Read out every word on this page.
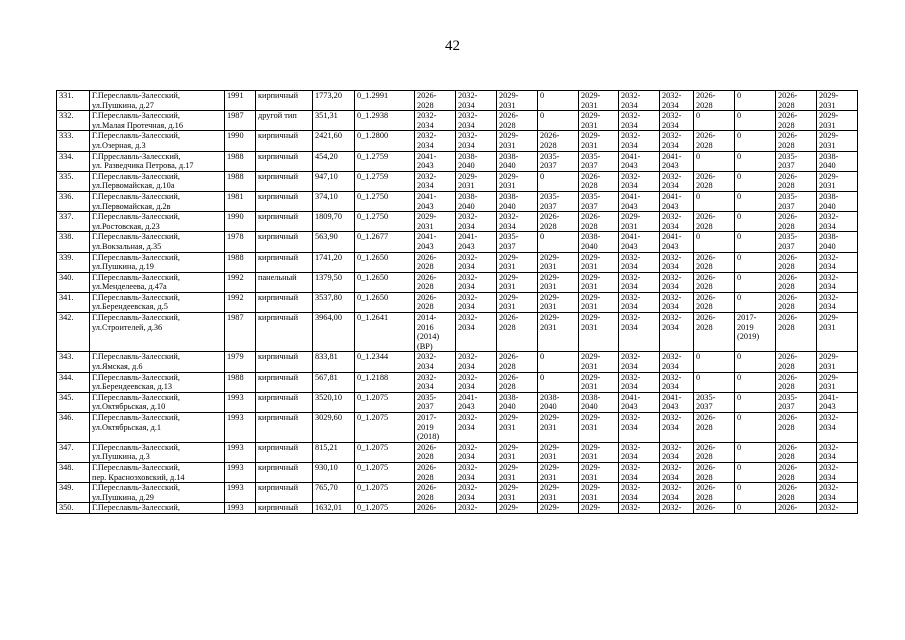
42
331.	Г.Переславль-Залесский,
ул.Пушкина, д.27	1991	кирпичный	1773,20	0_1.2991	2026-
2028	2032-
2034	2029-
2031	0	2029-
2031	2032-
2034	2032-
2034	2026-
2028	0	2026-
2028	2029-
2031
332.	Г.Переславль-Залесский,
ул.Малая Протечная, д.16	1987	другой тип	351,31	0_1.2938	2032-
2034	2032-
2034	2026-
2028	0	2029-
2031	2032-
2034	2032-
2034	0	0	2026-
2028	2029-
2031
333.	Г.Переславль-Залесский,
ул.Озерная, д.3	1990	кирпичный	2421,60	0_1.2800	2032-
2034	2032-
2034	2029-
2031	2026-
2028	2029-
2031	2032-
2034	2032-
2034	2026-
2028	0	2026-
2028	2029-
2031
334.	Г.Прреславль-Залесский,
ул. Разведчика Петрова, д.17	1988	кирпичный	454,20	0_1.2759	2041-
2043	2038-
2040	2038-
2040	2035-
2037	2035-
2037	2041-
2043	2041-
2043	0	0	2035-
2037	2038-
2040
335.	Г.Переславль-Залесский,
ул.Первомайская, д.10а	1988	кирпичный	947,10	0_1.2759	2032-
2034	2029-
2031	2029-
2031	0	2026-
2028	2032-
2034	2032-
2034	2026-
2028	0	2026-
2028	2029-
2031
336.	Г.Переславль-Залесский,
ул.Первомайская, д.2в	1981	кирпичный	374,10	0_1.2750	2041-
2043	2038-
2040	2038-
2040	2035-
2037	2035-
2037	2041-
2043	2041-
2043	0	0	2035-
2037	2038-
2040
337.	Г.Переславль-Залесский,
ул.Ростовская, д.23	1990	кирпичный	1809,70	0_1.2750	2029-
2031	2032-
2034	2032-
2034	2026-
2028	2026-
2028	2029-
2031	2032-
2034	2026-
2028	0	2026-
2028	2032-
2034
338.	Г.Переславль-Залесский,
ул.Вокзальная, д.35	1978	кирпичный	563,90	0_1.2677	2041-
2043	2041-
2043	2035-
2037	0	2038-
2040	2041-
2043	2041-
2043	0	0	2035-
2037	2038-
2040
339.	Г.Переславль-Залесский,
ул.Пушкина, д.19	1988	кирпичный	1741,20	0_1.2650	2026-
2028	2032-
2034	2029-
2031	2029-
2031	2029-
2031	2032-
2034	2032-
2034	2026-
2028	0	2026-
2028	2032-
2034
340.	Г.Переславль-Залесский,
ул.Менделеева, д.47а	1992	панельный	1379,50	0_1.2650	2026-
2028	2032-
2034	2029-
2031	2029-
2031	2029-
2031	2032-
2034	2032-
2034	2026-
2028	0	2026-
2028	2032-
2034
341.	Г.Переславль-Залесский,
ул.Берендеевская, д.5	1992	кирпичный	3537,80	0_1.2650	2026-
2028	2032-
2034	2029-
2031	2029-
2031	2029-
2031	2032-
2034	2032-
2034	2026-
2028	0	2026-
2028	2032-
2034
342.	Г.Переславль-Залесский,
ул.Строителей, д.36	1987	кирпичный	3964,00	0_1.2641	2014-
2016
(2014)
(ВР)	2032-
2034	2026-
2028	2029-
2031	2029-
2031	2032-
2034	2032-
2034	2026-
2028	2017-
2019
(2019)	2026-
2028	2029-
2031
343.	Г.Переславль-Залесский,
ул.Ямская, д.6	1979	кирпичный	833,81	0_1.2344	2032-
2034	2032-
2034	2026-
2028	0	2029-
2031	2032-
2034	2032-
2034	0	0	2026-
2028	2029-
2031
344.	Г.Переславль-Залесский,
ул.Берендеевская, д.13	1988	кирпичный	567,81	0_1.2188	2032-
2034	2032-
2034	2026-
2028	0	2029-
2031	2032-
2034	2032-
2034	0	0	2026-
2028	2029-
2031
345.	Г.Переславль-Залесский,
ул.Октябрьская, д.10	1993	кирпичный	3520,10	0_1.2075	2035-
2037	2041-
2043	2038-
2040	2038-
2040	2038-
2040	2041-
2043	2041-
2043	2035-
2037	0	2035-
2037	2041-
2043
346.	Г.Переславль-Залесский,
ул.Октябрьская, д.1	1993	кирпичный	3029,60	0_1.2075	2017-
2019
(2018)	2032-
2034	2029-
2031	2029-
2031	2029-
2031	2032-
2034	2032-
2034	2026-
2028	0	2026-
2028	2032-
2034
347.	Г.Переславль-Залесский,
ул.Пушкина, д.3	1993	кирпичный	815,21	0_1.2075	2026-
2028	2032-
2034	2029-
2031	2029-
2031	2029-
2031	2032-
2034	2032-
2034	2026-
2028	0	2026-
2028	2032-
2034
348.	Г.Переславль-Залесский,
пер. Красноэховский, д.14	1993	кирпичный	930,10	0_1.2075	2026-
2028	2032-
2034	2029-
2031	2029-
2031	2029-
2031	2032-
2034	2032-
2034	2026-
2028	0	2026-
2028	2032-
2034
349.	Г.Переславль-Залесский,
ул.Пушкина, д.29	1993	кирпичный	765,70	0_1.2075	2026-
2028	2032-
2034	2029-
2031	2029-
2031	2029-
2031	2032-
2034	2032-
2034	2026-
2028	0	2026-
2028	2032-
2034
350.	Г.Переславль-Залесский,	1993	кирпичный	1632,01	0_1.2075	2026-	2032-	2029-	2029-	2029-	2032-	2032-	2026-	0	2026-	2032-
